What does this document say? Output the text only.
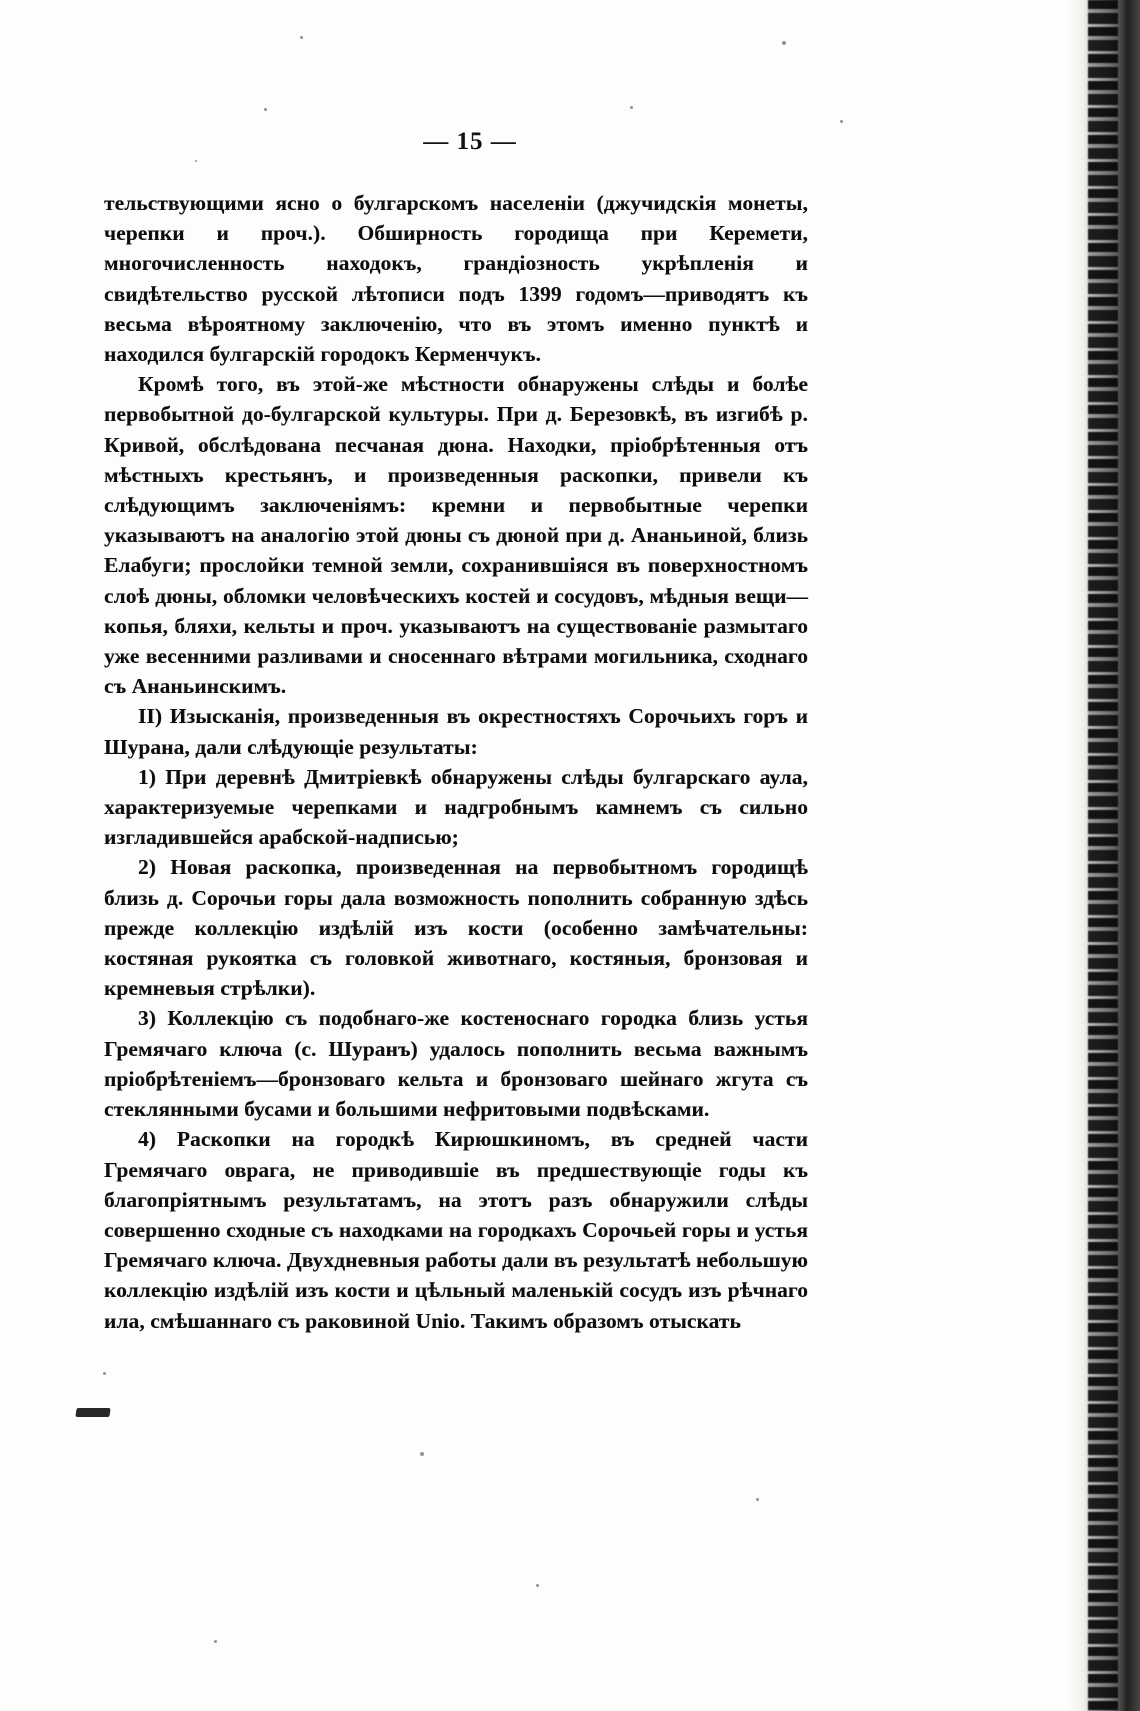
— 15 —

тельствующими ясно о булгарскомъ населеніи (джучидскія монеты, черепки и проч.). Обширность городища при Керемети, многочисленность находокъ, грандіозность укрѣпленія и свидѣтельство русской лѣтописи подъ 1399 годомъ—приводятъ къ весьма вѣроятному заключенію, что въ этомъ именно пунктѣ и находился булгарскій городокъ Керменчукъ.

Кромѣ того, въ этой-же мѣстности обнаружены слѣды и болѣе первобытной до-булгарской культуры. При д. Березовкѣ, въ изгибѣ р. Кривой, обслѣдована песчаная дюна. Находки, пріобрѣтенныя отъ мѣстныхъ крестьянъ, и произведенныя раскопки, привели къ слѣдующимъ заключеніямъ: кремни и первобытные черепки указываютъ на аналогію этой дюны съ дюной при д. Ананьиной, близь Елабуги; прослойки темной земли, сохранившіяся въ поверхностномъ слоѣ дюны, обломки человѣческихъ костей и сосудовъ, мѣдныя вещи—копья, бляхи, кельты и проч. указываютъ на существованіе размытаго уже весенними разливами и сносеннаго вѣтрами могильника, сходнаго съ Ананьинскимъ.

II) Изысканія, произведенныя въ окрестностяхъ Сорочьихъ горъ и Шурана, дали слѣдующіе результаты:

1) При деревнѣ Дмитріевкѣ обнаружены слѣды булгарскаго аула, характеризуемые черепками и надгробнымъ камнемъ съ сильно изгладившейся арабской-надписью;

2) Новая раскопка, произведенная на первобытномъ городищѣ близь д. Сорочьи горы дала возможность пополнить собранную здѣсь прежде коллекцію издѣлій изъ кости (особенно замѣчательны: костяная рукоятка съ головкой животнаго, костяныя, бронзовая и кремневыя стрѣлки).

3) Коллекцію съ подобнаго-же костеноснаго городка близь устья Гремячаго ключа (с. Шуранъ) удалось пополнить весьма важнымъ пріобрѣтеніемъ—бронзоваго кельта и бронзоваго шейнаго жгута съ стеклянными бусами и большими нефритовыми подвѣсками.

4) Раскопки на городкѣ Кирюшкиномъ, въ средней части Гремячаго оврага, не приводившіе въ предшествующіе годы къ благопріятнымъ результатамъ, на этотъ разъ обнаружили слѣды совершенно сходные съ находками на городкахъ Сорочьей горы и устья Гремячаго ключа. Двухдневныя работы дали въ результатѣ небольшую коллекцію издѣлій изъ кости и цѣльный маленькій сосудъ изъ рѣчнаго ила, смѣшаннаго съ раковиной Unio. Такимъ образомъ отыскать
